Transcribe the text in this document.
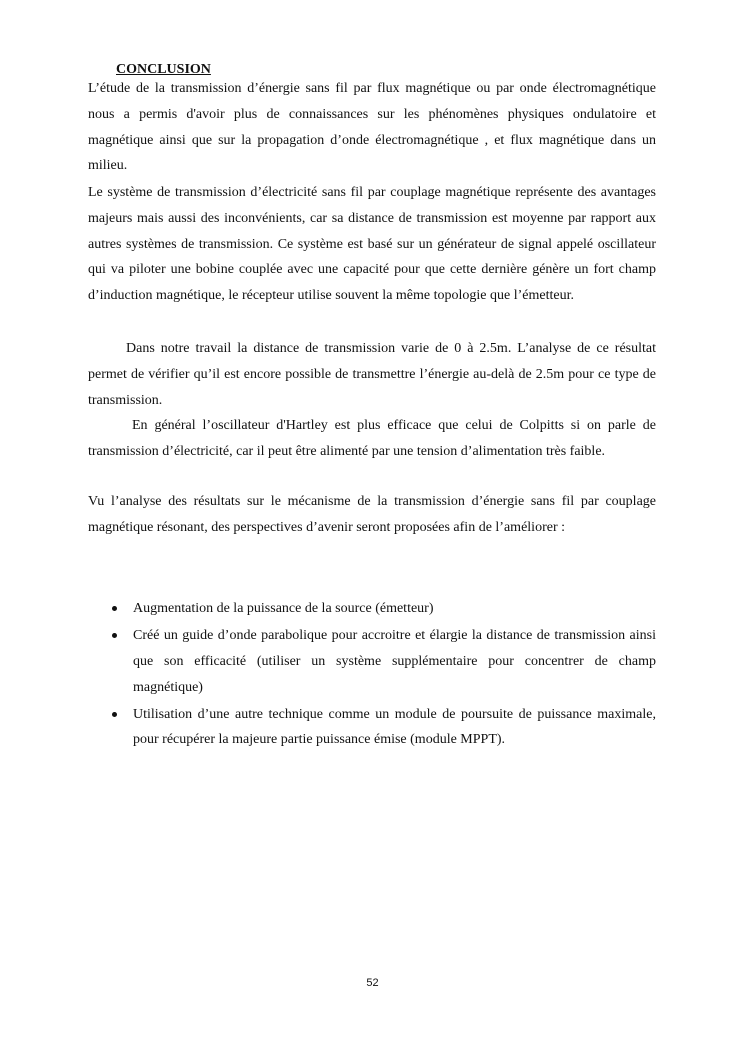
CONCLUSION

L’étude de la transmission d’énergie sans fil par flux magnétique ou par onde électromagnétique nous a permis d'avoir plus de connaissances sur les phénomènes physiques ondulatoire et magnétique ainsi que sur la propagation d’onde électromagnétique , et flux magnétique dans un milieu.

Le système de transmission d’électricité sans fil par couplage magnétique représente des avantages majeurs mais aussi des inconvénients, car sa distance de transmission est moyenne par rapport aux autres systèmes de transmission. Ce système est basé sur un générateur de signal appelé oscillateur qui va piloter une bobine couplée avec une capacité pour que cette dernière génère un fort champ d’induction magnétique, le récepteur utilise souvent la même topologie que l’émetteur.

Dans notre travail la distance de transmission varie de 0 à 2.5m. L’analyse de ce résultat permet de vérifier qu’il est encore possible de transmettre l’énergie au-delà de 2.5m pour ce type de transmission.

En général l’oscillateur d'Hartley est plus efficace que celui de Colpitts si on parle de transmission d’électricité, car il peut être alimenté par une tension d’alimentation très faible.

Vu l’analyse des résultats sur le mécanisme de la transmission d’énergie sans fil par couplage magnétique résonant, des perspectives d’avenir seront proposées afin de l’améliorer :

Augmentation de la puissance de la source (émetteur)
Créé un guide d’onde parabolique pour accroitre et élargie la distance de transmission ainsi que son efficacité (utiliser un système supplémentaire pour concentrer de champ magnétique)
Utilisation d’une autre technique comme un module de poursuite de puissance maximale, pour récupérer la majeure partie puissance émise (module MPPT).
52
